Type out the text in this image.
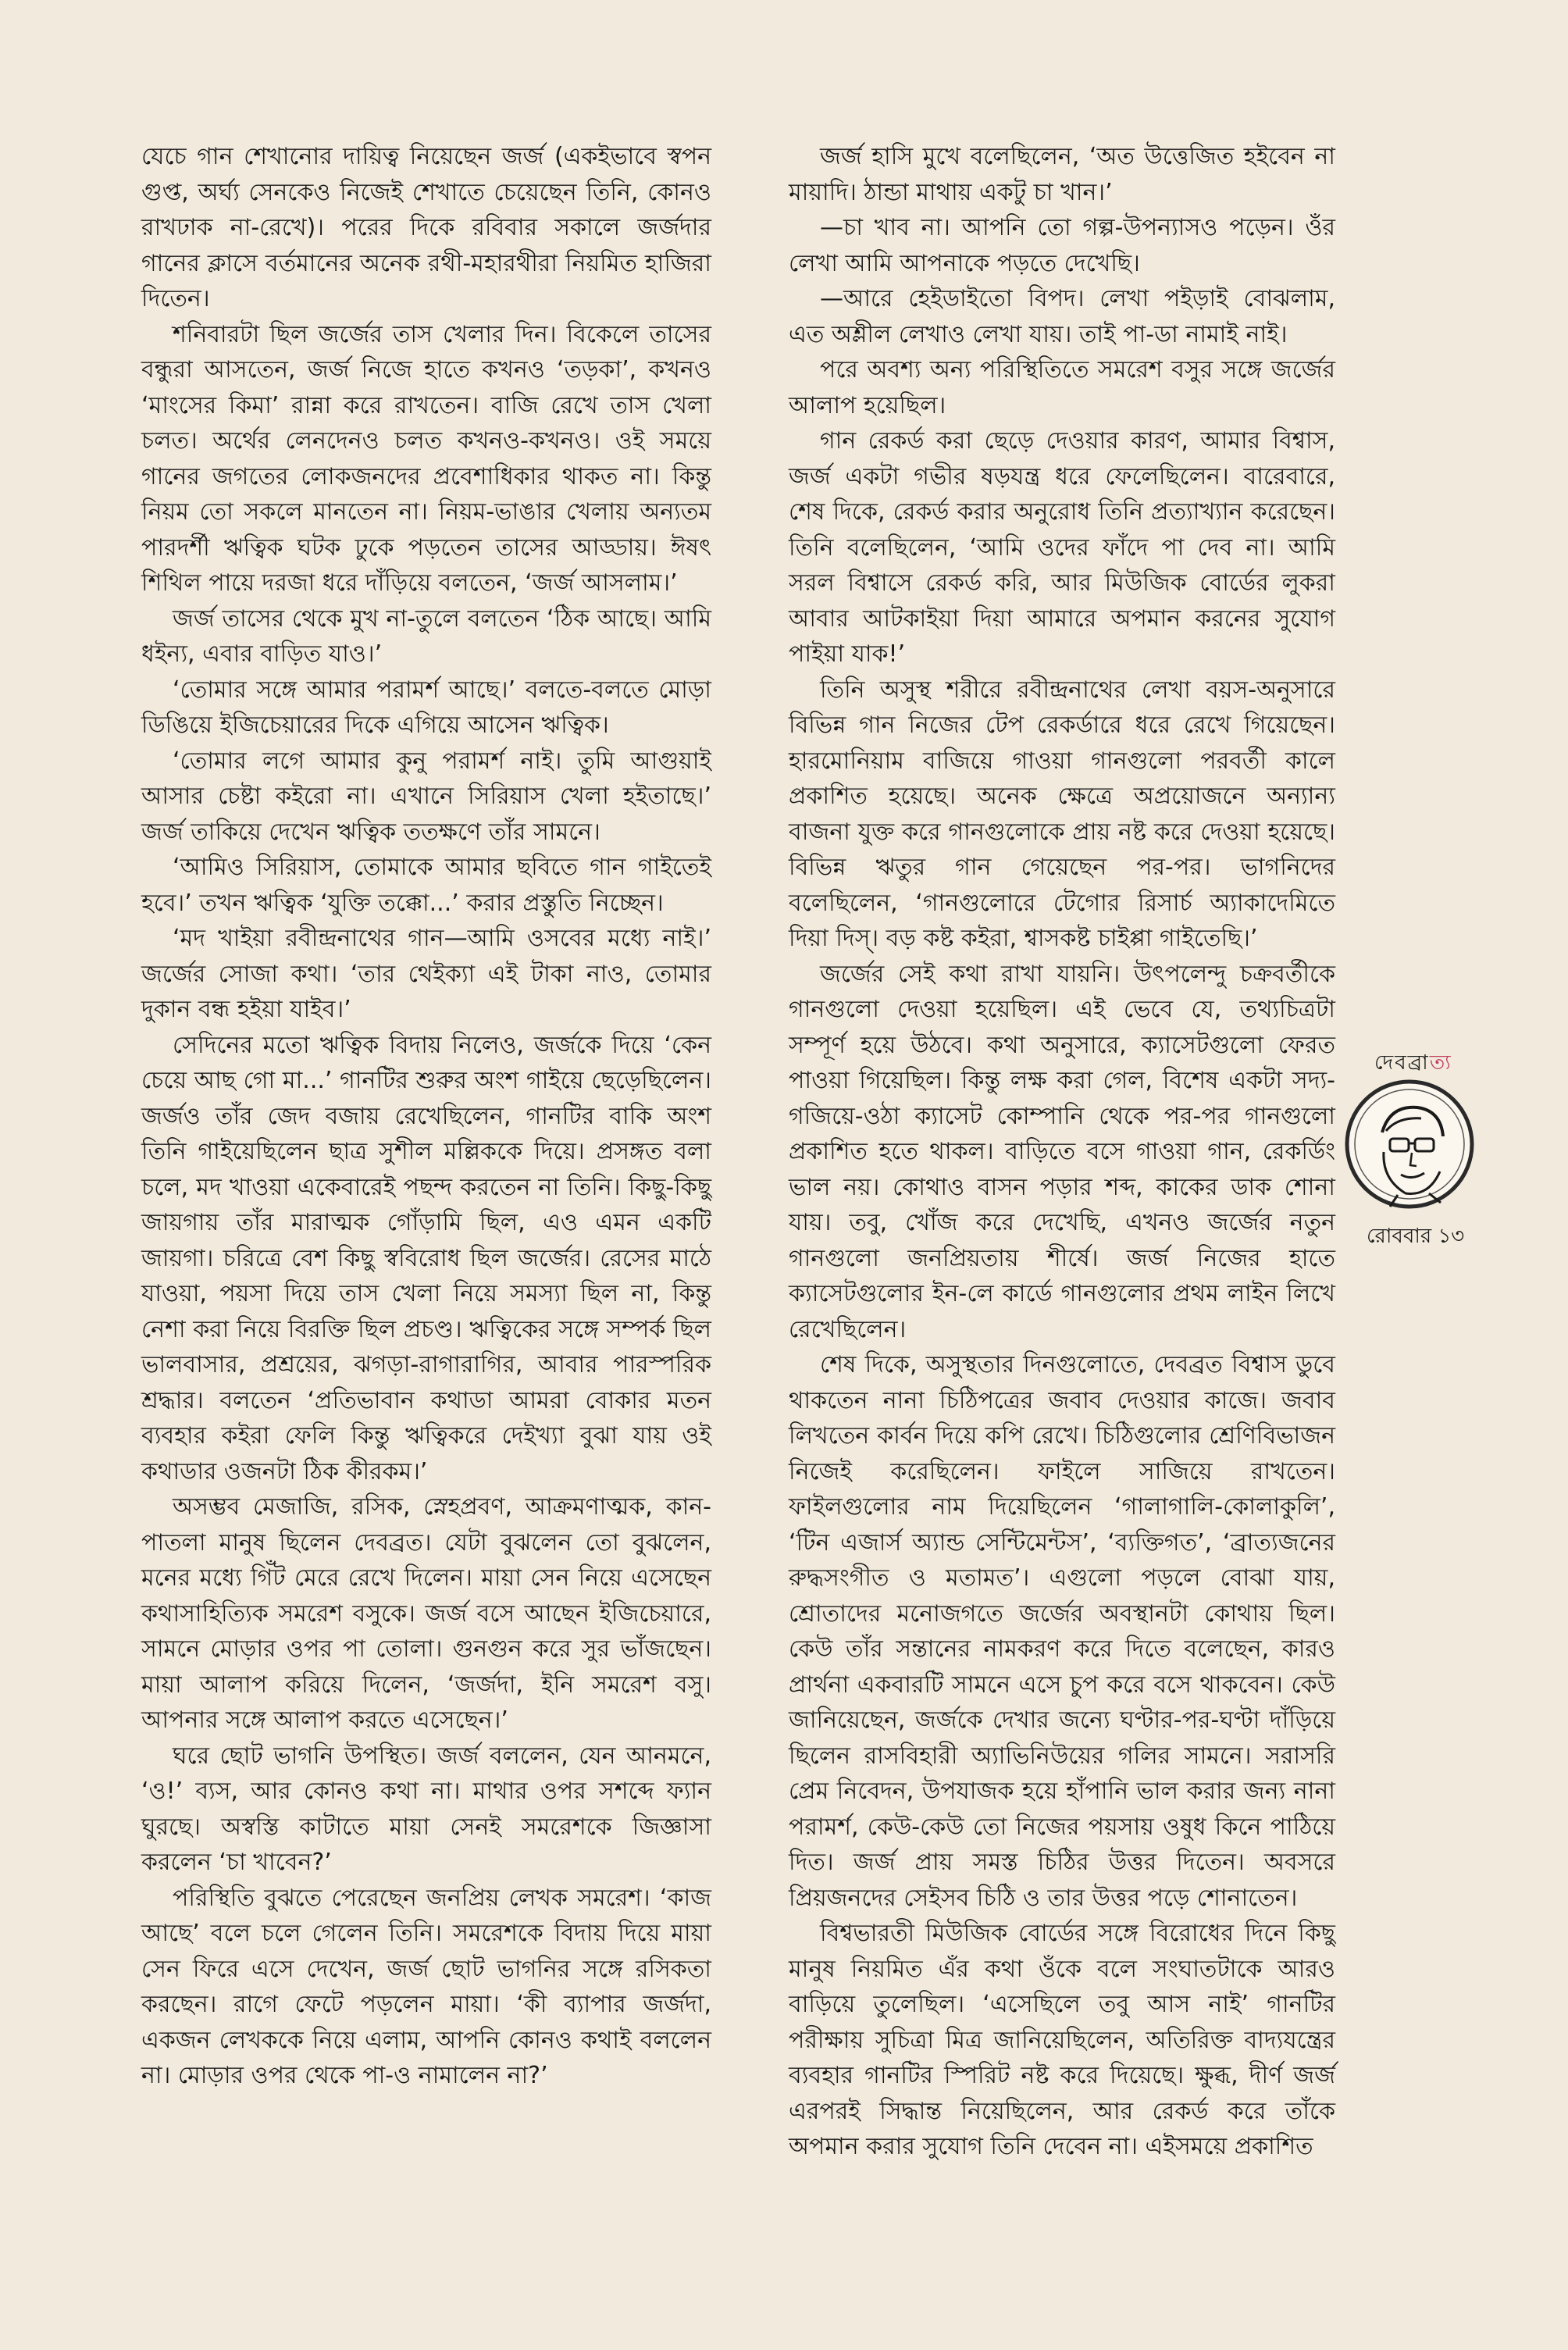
যেচে গান শেখানোর দায়িত্ব নিয়েছেন জর্জ (একইভাবে স্বপন গুপ্ত, অর্ঘ্য সেনকেও নিজেই শেখাতে চেয়েছেন তিনি, কোনও রাখঢাক না-রেখে)। পরের দিকে রবিবার সকালে জর্জদার গানের ক্লাসে বর্তমানের অনেক রথী-মহারথীরা নিয়মিত হাজিরা দিতেন।

শনিবারটা ছিল জর্জের তাস খেলার দিন। বিকেলে তাসের বন্ধুরা আসতেন, জর্জ নিজে হাতে কখনও ‘তড়কা’, কখনও ‘মাংসের কিমা’ রান্না করে রাখতেন। বাজি রেখে তাস খেলা চলত। অর্থের লেনদেনও চলত কখনও-কখনও। ওই সময়ে গানের জগতের লোকজনদের প্রবেশাধিকার থাকত না। কিন্তু নিয়ম তো সকলে মানতেন না। নিয়ম-ভাঙার খেলায় অন্যতম পারদর্শী ঋত্বিক ঘটক ঢুকে পড়তেন তাসের আড্ডায়। ঈষৎ শিথিল পায়ে দরজা ধরে দাঁড়িয়ে বলতেন, ‘জর্জ আসলাম।’

জর্জ তাসের থেকে মুখ না-তুলে বলতেন ‘ঠিক আছে। আমি ধইন্য, এবার বাড়িত যাও।’

‘তোমার সঙ্গে আমার পরামর্শ আছে।’ বলতে-বলতে মোড়া ডিঙিয়ে ইজিচেয়ারের দিকে এগিয়ে আসেন ঋত্বিক।

‘তোমার লগে আমার কুনু পরামর্শ নাই। তুমি আগুয়াই আসার চেষ্টা কইরো না। এখানে সিরিয়াস খেলা হইতাছে।’ জর্জ তাকিয়ে দেখেন ঋত্বিক ততক্ষণে তাঁর সামনে।

‘আমিও সিরিয়াস, তোমাকে আমার ছবিতে গান গাইতেই হবে।’ তখন ঋত্বিক ‘যুক্তি তক্কো...’ করার প্রস্তুতি নিচ্ছেন।

‘মদ খাইয়া রবীন্দ্রনাথের গান—আমি ওসবের মধ্যে নাই।’ জর্জের সোজা কথা। ‘তার থেইক্যা এই টাকা নাও, তোমার দুকান বন্ধ হইয়া যাইব।’

সেদিনের মতো ঋত্বিক বিদায় নিলেও, জর্জকে দিয়ে ‘কেন চেয়ে আছ গো মা...’ গানটির শুরুর অংশ গাইয়ে ছেড়েছিলেন। জর্জও তাঁর জেদ বজায় রেখেছিলেন, গানটির বাকি অংশ তিনি গাইয়েছিলেন ছাত্র সুশীল মল্লিককে দিয়ে। প্রসঙ্গত বলা চলে, মদ খাওয়া একেবারেই পছন্দ করতেন না তিনি। কিছু-কিছু জায়গায় তাঁর মারাত্মক গোঁড়ামি ছিল, এও এমন একটি জায়গা। চরিত্রে বেশ কিছু স্ববিরোধ ছিল জর্জের। রেসের মাঠে যাওয়া, পয়সা দিয়ে তাস খেলা নিয়ে সমস্যা ছিল না, কিন্তু নেশা করা নিয়ে বিরক্তি ছিল প্রচণ্ড। ঋত্বিকের সঙ্গে সম্পর্ক ছিল ভালবাসার, প্রশ্রয়ের, ঝগড়া-রাগারাগির, আবার পারস্পরিক শ্রদ্ধার। বলতেন ‘প্রতিভাবান কথাডা আমরা বোকার মতন ব্যবহার কইরা ফেলি কিন্তু ঋত্বিকরে দেইখ্যা বুঝা যায় ওই কথাডার ওজনটা ঠিক কীরকম।’

অসম্ভব মেজাজি, রসিক, স্নেহপ্রবণ, আক্রমণাত্মক, কান-পাতলা মানুষ ছিলেন দেবব্রত। যেটা বুঝলেন তো বুঝলেন, মনের মধ্যে গিঁট মেরে রেখে দিলেন। মায়া সেন নিয়ে এসেছেন কথাসাহিত্যিক সমরেশ বসুকে। জর্জ বসে আছেন ইজিচেয়ারে, সামনে মোড়ার ওপর পা তোলা। গুনগুন করে সুর ভাঁজছেন। মায়া আলাপ করিয়ে দিলেন, ‘জর্জদা, ইনি সমরেশ বসু। আপনার সঙ্গে আলাপ করতে এসেছেন।’

ঘরে ছোট ভাগনি উপস্থিত। জর্জ বললেন, যেন আনমনে, ‘ও!’ ব্যস, আর কোনও কথা না। মাথার ওপর সশব্দে ফ্যান ঘুরছে। অস্বস্তি কাটাতে মায়া সেনই সমরেশকে জিজ্ঞাসা করলেন ‘চা খাবেন?’

পরিস্থিতি বুঝতে পেরেছেন জনপ্রিয় লেখক সমরেশ। ‘কাজ আছে’ বলে চলে গেলেন তিনি। সমরেশকে বিদায় দিয়ে মায়া সেন ফিরে এসে দেখেন, জর্জ ছোট ভাগনির সঙ্গে রসিকতা করছেন। রাগে ফেটে পড়লেন মায়া। ‘কী ব্যাপার জর্জদা, একজন লেখককে নিয়ে এলাম, আপনি কোনও কথাই বললেন না। মোড়ার ওপর থেকে পা-ও নামালেন না?’

জর্জ হাসি মুখে বলেছিলেন, ‘অত উত্তেজিত হইবেন না মায়াদি। ঠান্ডা মাথায় একটু চা খান।’

—চা খাব না। আপনি তো গল্প-উপন্যাসও পড়েন। ওঁর লেখা আমি আপনাকে পড়তে দেখেছি।

—আরে হেইডাইতো বিপদ। লেখা পইড়াই বোঝলাম, এত অশ্লীল লেখাও লেখা যায়। তাই পা-ডা নামাই নাই।

পরে অবশ্য অন্য পরিস্থিতিতে সমরেশ বসুর সঙ্গে জর্জের আলাপ হয়েছিল।

গান রেকর্ড করা ছেড়ে দেওয়ার কারণ, আমার বিশ্বাস, জর্জ একটা গভীর ষড়যন্ত্র ধরে ফেলেছিলেন। বারেবারে, শেষ দিকে, রেকর্ড করার অনুরোধ তিনি প্রত্যাখ্যান করেছেন। তিনি বলেছিলেন, ‘আমি ওদের ফাঁদে পা দেব না। আমি সরল বিশ্বাসে রেকর্ড করি, আর মিউজিক বোর্ডের লুকরা আবার আটকাইয়া দিয়া আমারে অপমান করনের সুযোগ পাইয়া যাক!’

তিনি অসুস্থ শরীরে রবীন্দ্রনাথের লেখা বয়স-অনুসারে বিভিন্ন গান নিজের টেপ রেকর্ডারে ধরে রেখে গিয়েছেন। হারমোনিয়াম বাজিয়ে গাওয়া গানগুলো পরবর্তী কালে প্রকাশিত হয়েছে। অনেক ক্ষেত্রে অপ্রয়োজনে অন্যান্য বাজনা যুক্ত করে গানগুলোকে প্রায় নষ্ট করে দেওয়া হয়েছে। বিভিন্ন ঋতুর গান গেয়েছেন পর-পর। ভাগনিদের বলেছিলেন, ‘গানগুলোরে টেগোর রিসার্চ অ্যাকাদেমিতে দিয়া দিস্‌। বড় কষ্ট কইরা, শ্বাসকষ্ট চাইপ্পা গাইতেছি।’

জর্জের সেই কথা রাখা যায়নি। উৎপলেন্দু চক্রবর্তীকে গানগুলো দেওয়া হয়েছিল। এই ভেবে যে, তথ্যচিত্রটা সম্পূর্ণ হয়ে উঠবে। কথা অনুসারে, ক্যাসেটগুলো ফেরত পাওয়া গিয়েছিল। কিন্তু লক্ষ করা গেল, বিশেষ একটা সদ্য-গজিয়ে-ওঠা ক্যাসেট কোম্পানি থেকে পর-পর গানগুলো প্রকাশিত হতে থাকল। বাড়িতে বসে গাওয়া গান, রেকর্ডিং ভাল নয়। কোথাও বাসন পড়ার শব্দ, কাকের ডাক শোনা যায়। তবু, খোঁজ করে দেখেছি, এখনও জর্জের নতুন গানগুলো জনপ্রিয়তায় শীর্ষে। জর্জ নিজের হাতে ক্যাসেটগুলোর ইন-লে কার্ডে গানগুলোর প্রথম লাইন লিখে রেখেছিলেন।

শেষ দিকে, অসুস্থতার দিনগুলোতে, দেবব্রত বিশ্বাস ডুবে থাকতেন নানা চিঠিপত্রের জবাব দেওয়ার কাজে। জবাব লিখতেন কার্বন দিয়ে কপি রেখে। চিঠিগুলোর শ্রেণিবিভাজন নিজেই করেছিলেন। ফাইলে সাজিয়ে রাখতেন। ফাইলগুলোর নাম দিয়েছিলেন ‘গালাগালি-কোলাকুলি’, ‘টিন এজার্স অ্যান্ড সেন্টিমেন্টস’, ‘ব্যক্তিগত’, ‘ব্রাত্যজনের রুদ্ধসংগীত ও মতামত’। এগুলো পড়লে বোঝা যায়, শ্রোতাদের মনোজগতে জর্জের অবস্থানটা কোথায় ছিল। কেউ তাঁর সন্তানের নামকরণ করে দিতে বলেছেন, কারও প্রার্থনা একবারটি সামনে এসে চুপ করে বসে থাকবেন। কেউ জানিয়েছেন, জর্জকে দেখার জন্যে ঘণ্টার-পর-ঘণ্টা দাঁড়িয়ে ছিলেন রাসবিহারী অ্যাভিনিউয়ের গলির সামনে। সরাসরি প্রেম নিবেদন, উপযাজক হয়ে হাঁপানি ভাল করার জন্য নানা পরামর্শ, কেউ-কেউ তো নিজের পয়সায় ওষুধ কিনে পাঠিয়ে দিত। জর্জ প্রায় সমস্ত চিঠির উত্তর দিতেন। অবসরে প্রিয়জনদের সেইসব চিঠি ও তার উত্তর পড়ে শোনাতেন।

বিশ্বভারতী মিউজিক বোর্ডের সঙ্গে বিরোধের দিনে কিছু মানুষ নিয়মিত এঁর কথা ওঁকে বলে সংঘাতটাকে আরও বাড়িয়ে তুলেছিল। ‘এসেছিলে তবু আস নাই’ গানটির পরীক্ষায় সুচিত্রা মিত্র জানিয়েছিলেন, অতিরিক্ত বাদ্যযন্ত্রের ব্যবহার গানটির স্পিরিট নষ্ট করে দিয়েছে। ক্ষুব্ধ, দীর্ণ জর্জ এরপরই সিদ্ধান্ত নিয়েছিলেন, আর রেকর্ড করে তাঁকে অপমান করার সুযোগ তিনি দেবেন না। এইসময়ে প্রকাশিত

দেবব্রাত্য
রোববার ১৩
